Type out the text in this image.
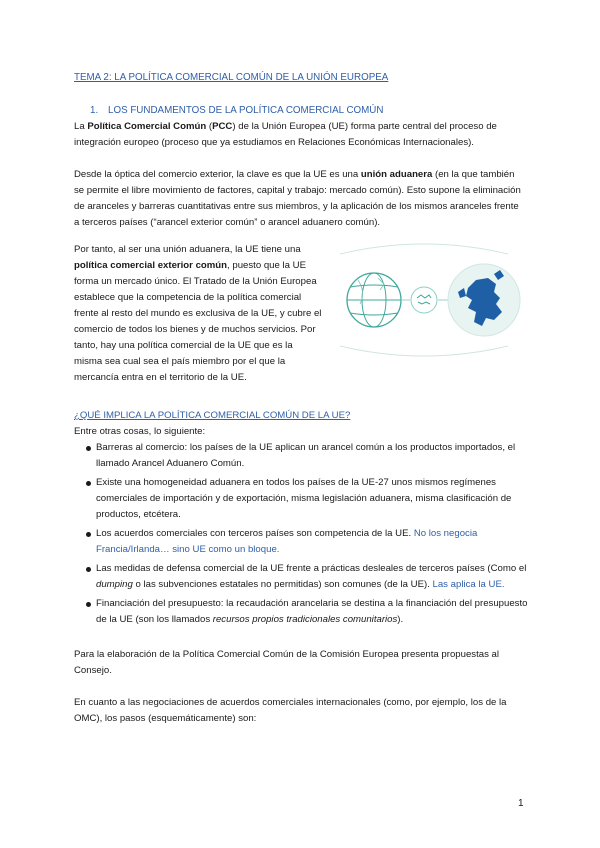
TEMA 2: LA POLÍTICA COMERCIAL COMÚN DE LA UNIÓN EUROPEA
1. LOS FUNDAMENTOS DE LA POLÍTICA COMERCIAL COMÚN
La Política Comercial Común (PCC) de la Unión Europea (UE) forma parte central del proceso de integración europeo (proceso que ya estudiamos en Relaciones Económicas Internacionales).
Desde la óptica del comercio exterior, la clave es que la UE es una unión aduanera (en la que también se permite el libre movimiento de factores, capital y trabajo: mercado común). Esto supone la eliminación de aranceles y barreras cuantitativas entre sus miembros, y la aplicación de los mismos aranceles frente a terceros países (“arancel exterior común” o arancel aduanero común).
Por tanto, al ser una unión aduanera, la UE tiene una política comercial exterior común, puesto que la UE forma un mercado único. El Tratado de la Unión Europea establece que la competencia de la política comercial frente al resto del mundo es exclusiva de la UE, y cubre el comercio de todos los bienes y de muchos servicios. Por tanto, hay una política comercial de la UE que es la misma sea cual sea el país miembro por el que la mercancía entra en el territorio de la UE.
¿QUÉ IMPLICA LA POLÍTICA COMERCIAL COMÚN DE LA UE?
Entre otras cosas, lo siguiente:
Barreras al comercio: los países de la UE aplican un arancel común a los productos importados, el llamado Arancel Aduanero Común.
Existe una homogeneidad aduanera en todos los países de la UE-27 unos mismos regímenes comerciales de importación y de exportación, misma legislación aduanera, misma clasificación de productos, etcétera.
Los acuerdos comerciales con terceros países son competencia de la UE. No los negocia Francia/Irlanda… sino UE como un bloque.
Las medidas de defensa comercial de la UE frente a prácticas desleales de terceros países (Como el dumping o las subvenciones estatales no permitidas) son comunes (de la UE). Las aplica la UE.
Financiación del presupuesto: la recaudación arancelaria se destina a la financiación del presupuesto de la UE (son los llamados recursos propios tradicionales comunitarios).
Para la elaboración de la Política Comercial Común de la Comisión Europea presenta propuestas al Consejo.
En cuanto a las negociaciones de acuerdos comerciales internacionales (como, por ejemplo, los de la OMC), los pasos (esquemáticamente) son:
1
